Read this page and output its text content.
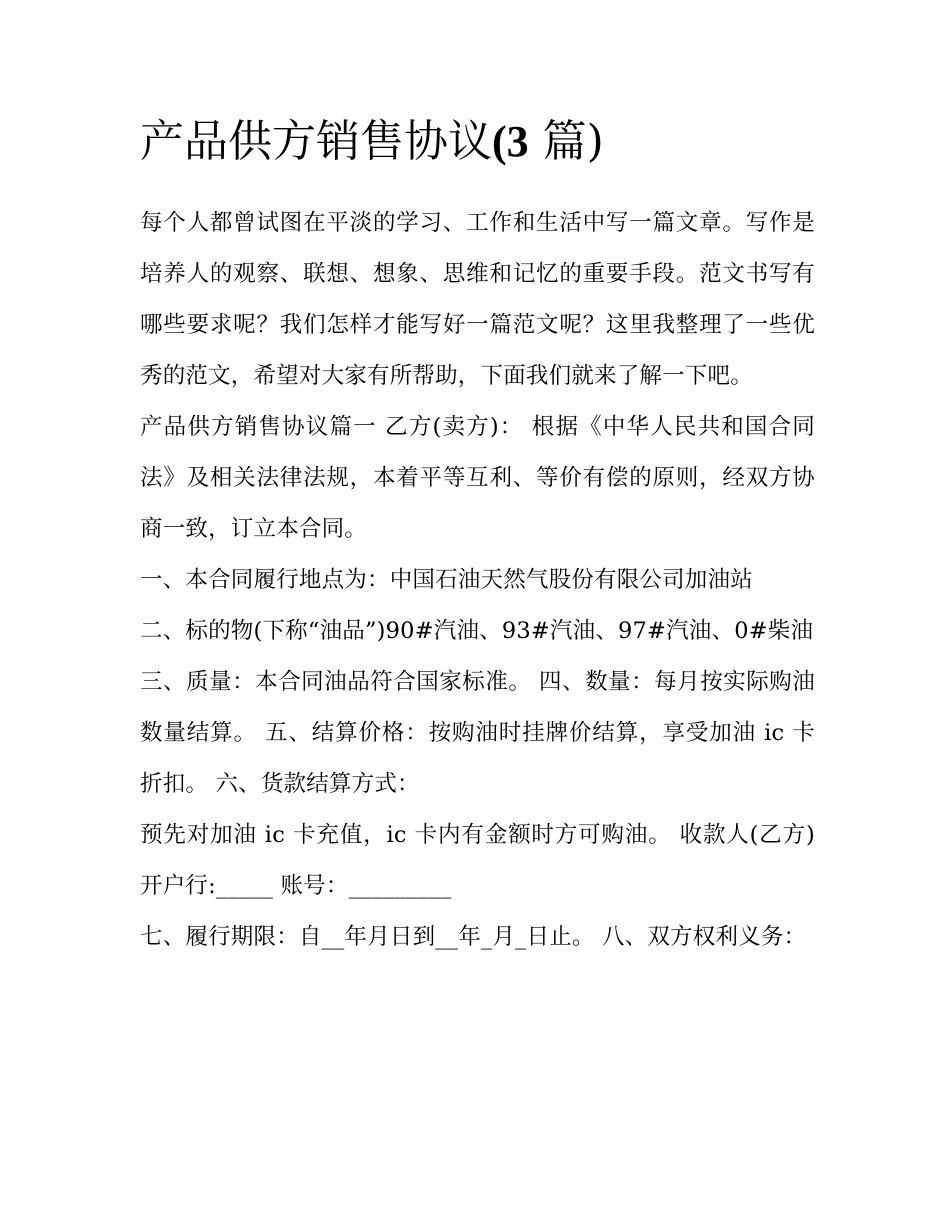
产品供方销售协议(3 篇)

每个人都曾试图在平淡的学习、工作和生活中写一篇文章。写作是培养人的观察、联想、想象、思维和记忆的重要手段。范文书写有哪些要求呢？我们怎样才能写好一篇范文呢？这里我整理了一些优秀的范文，希望对大家有所帮助，下面我们就来了解一下吧。

产品供方销售协议篇一 乙方(卖方)： 根据《中华人民共和国合同法》及相关法律法规，本着平等互利、等价有偿的原则，经双方协商一致，订立本合同。

一、本合同履行地点为：中国石油天然气股份有限公司加油站

二、标的物(下称“油品”)90#汽油、93#汽油、97#汽油、0#柴油

三、质量：本合同油品符合国家标准。 四、数量：每月按实际购油数量结算。 五、结算价格：按购油时挂牌价结算，享受加油 ic 卡折扣。 六、货款结算方式：

预先对加油 ic 卡充值，ic 卡内有金额时方可购油。 收款人(乙方)开户行:_____ 账号：_________

七、履行期限：自__年月日到__年_月_日止。 八、双方权利义务：
